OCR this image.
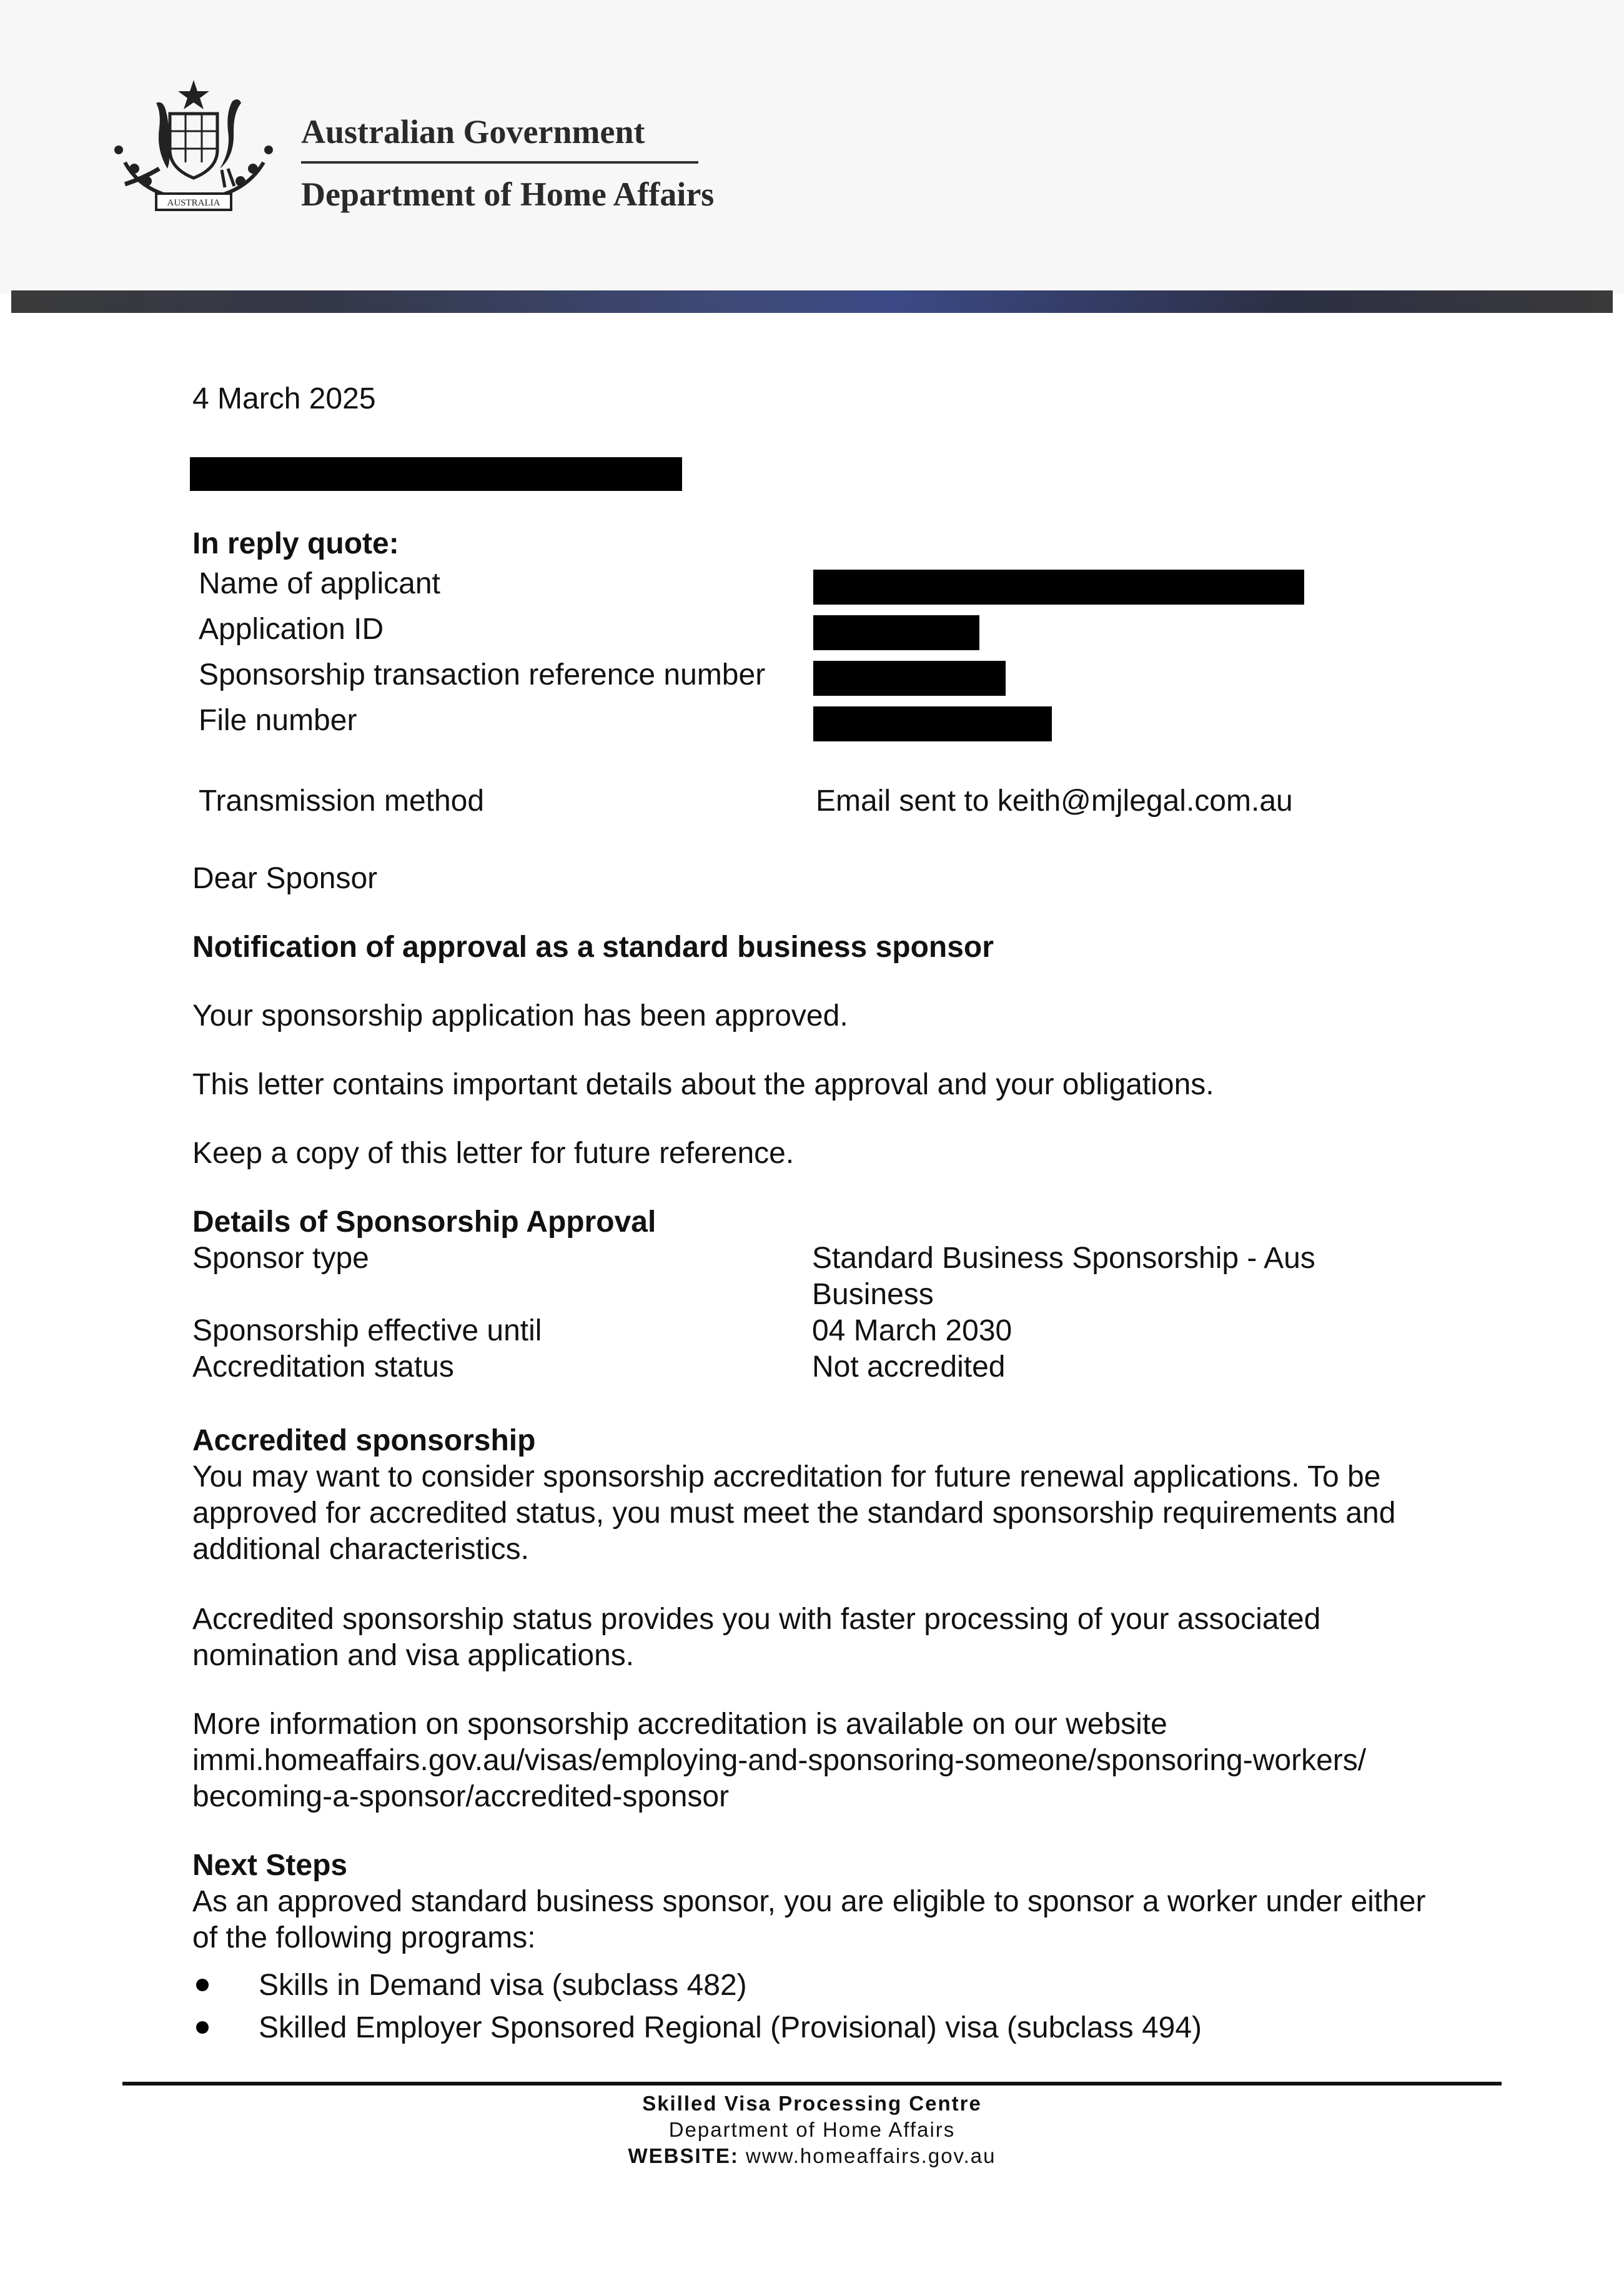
AUSTRALIA
Australian Government
Department of Home Affairs
4 March 2025
In reply quote:
Name of applicant
Application ID
Sponsorship transaction reference number
File number
Transmission method	Email sent to keith@mjlegal.com.au
Dear Sponsor
Notification of approval as a standard business sponsor
Your sponsorship application has been approved.
This letter contains important details about the approval and your obligations.
Keep a copy of this letter for future reference.
Details of Sponsorship Approval
Sponsor type	Standard Business Sponsorship - Aus
Business
Sponsorship effective until	04 March 2030
Accreditation status	Not accredited
Accredited sponsorship
You may want to consider sponsorship accreditation for future renewal applications. To be
approved for accredited status, you must meet the standard sponsorship requirements and
additional characteristics.
Accredited sponsorship status provides you with faster processing of your associated
nomination and visa applications.
More information on sponsorship accreditation is available on our website
immi.homeaffairs.gov.au/visas/employing-and-sponsoring-someone/sponsoring-workers/
becoming-a-sponsor/accredited-sponsor
Next Steps
As an approved standard business sponsor, you are eligible to sponsor a worker under either
of the following programs:
Skills in Demand visa (subclass 482)
Skilled Employer Sponsored Regional (Provisional) visa (subclass 494)
Skilled Visa Processing Centre
Department of Home Affairs
WEBSITE: www.homeaffairs.gov.au
